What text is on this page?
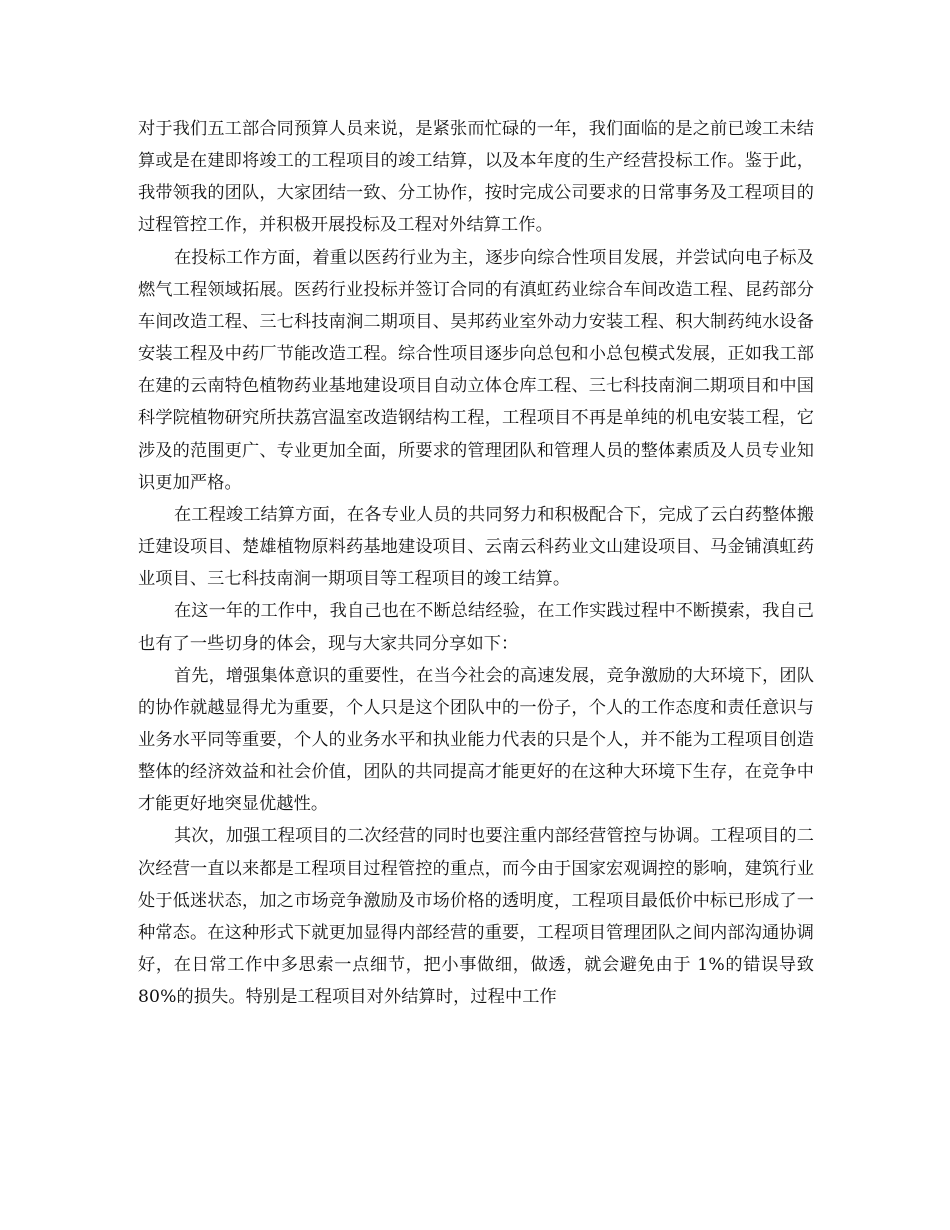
对于我们五工部合同预算人员来说，是紧张而忙碌的一年，我们面临的是之前已竣工未结算或是在建即将竣工的工程项目的竣工结算，以及本年度的生产经营投标工作。鉴于此，我带领我的团队，大家团结一致、分工协作，按时完成公司要求的日常事务及工程项目的过程管控工作，并积极开展投标及工程对外结算工作。

在投标工作方面，着重以医药行业为主，逐步向综合性项目发展，并尝试向电子标及燃气工程领域拓展。医药行业投标并签订合同的有滇虹药业综合车间改造工程、昆药部分车间改造工程、三七科技南涧二期项目、昊邦药业室外动力安装工程、积大制药纯水设备安装工程及中药厂节能改造工程。综合性项目逐步向总包和小总包模式发展，正如我工部在建的云南特色植物药业基地建设项目自动立体仓库工程、三七科技南涧二期项目和中国科学院植物研究所扶荔宫温室改造钢结构工程，工程项目不再是单纯的机电安装工程，它涉及的范围更广、专业更加全面，所要求的管理团队和管理人员的整体素质及人员专业知识更加严格。

在工程竣工结算方面，在各专业人员的共同努力和积极配合下，完成了云白药整体搬迁建设项目、楚雄植物原料药基地建设项目、云南云科药业文山建设项目、马金铺滇虹药业项目、三七科技南涧一期项目等工程项目的竣工结算。

在这一年的工作中，我自己也在不断总结经验，在工作实践过程中不断摸索，我自己也有了一些切身的体会，现与大家共同分享如下：

首先，增强集体意识的重要性，在当今社会的高速发展，竞争激励的大环境下，团队的协作就越显得尤为重要，个人只是这个团队中的一份子，个人的工作态度和责任意识与业务水平同等重要，个人的业务水平和执业能力代表的只是个人，并不能为工程项目创造整体的经济效益和社会价值，团队的共同提高才能更好的在这种大环境下生存，在竞争中才能更好地突显优越性。

其次，加强工程项目的二次经营的同时也要注重内部经营管控与协调。工程项目的二次经营一直以来都是工程项目过程管控的重点，而今由于国家宏观调控的影响，建筑行业处于低迷状态，加之市场竞争激励及市场价格的透明度，工程项目最低价中标已形成了一种常态。在这种形式下就更加显得内部经营的重要，工程项目管理团队之间内部沟通协调好，在日常工作中多思索一点细节，把小事做细，做透，就会避免由于 1%的错误导致 80%的损失。特别是工程项目对外结算时，过程中工作
